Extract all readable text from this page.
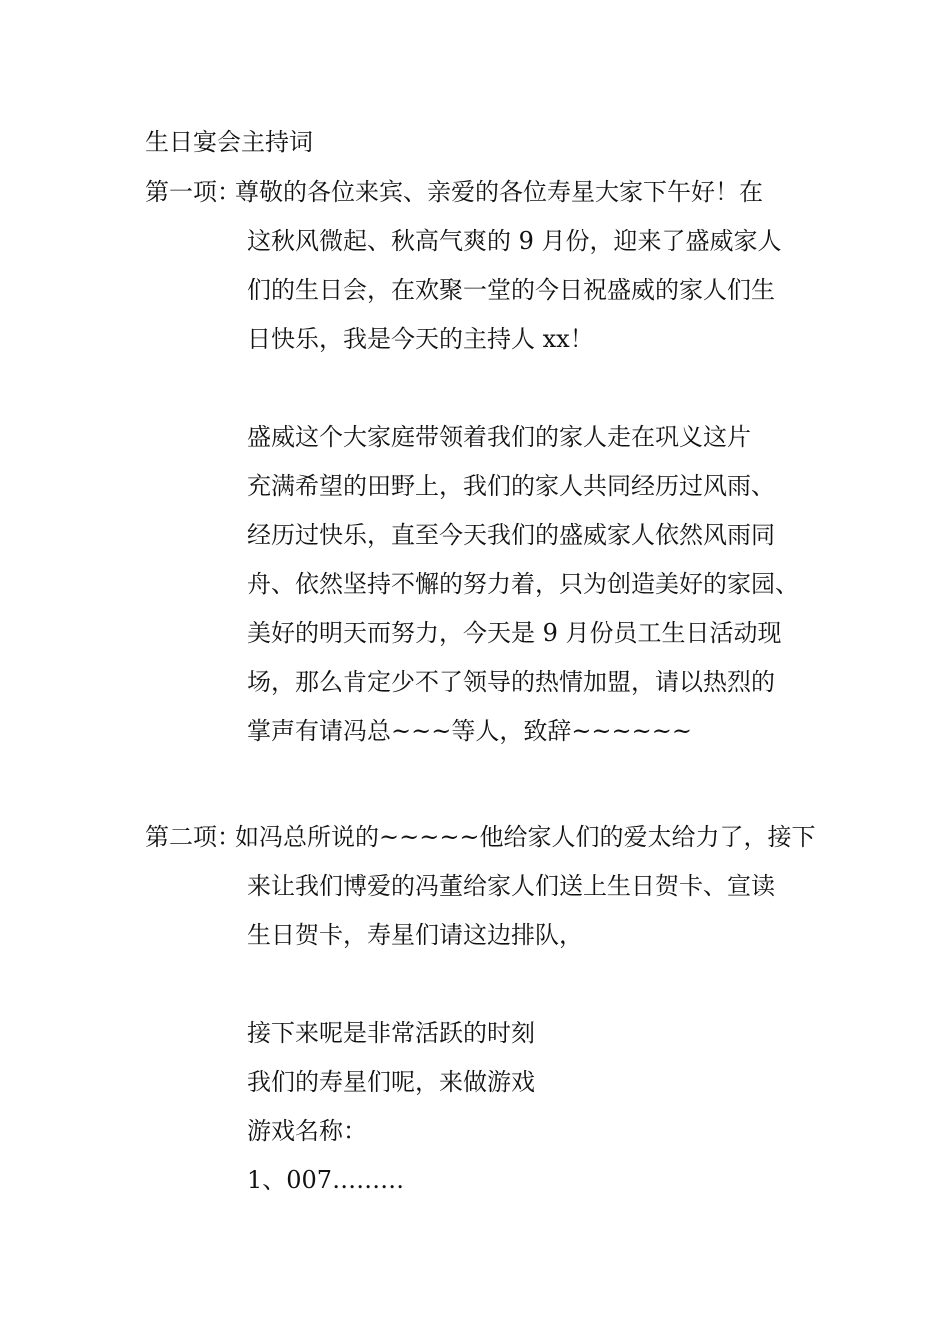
生日宴会主持词
第一项：
尊敬的各位来宾、亲爱的各位寿星大家下午好！在
这秋风微起、秋高气爽的 9 月份，迎来了盛威家人
们的生日会，在欢聚一堂的今日祝盛威的家人们生
日快乐，我是今天的主持人 xx！
盛威这个大家庭带领着我们的家人走在巩义这片
充满希望的田野上，我们的家人共同经历过风雨、
经历过快乐，直至今天我们的盛威家人依然风雨同
舟、依然坚持不懈的努力着，只为创造美好的家园、
美好的明天而努力，今天是 9 月份员工生日活动现
场，那么肯定少不了领导的热情加盟，请以热烈的
掌声有请冯总~~~等人，致辞~~~~~~
第二项：
如冯总所说的~~~~~他给家人们的爱太给力了，接下
来让我们博爱的冯董给家人们送上生日贺卡、宣读
生日贺卡，寿星们请这边排队，
接下来呢是非常活跃的时刻
我们的寿星们呢，来做游戏
游戏名称：
1、007………
